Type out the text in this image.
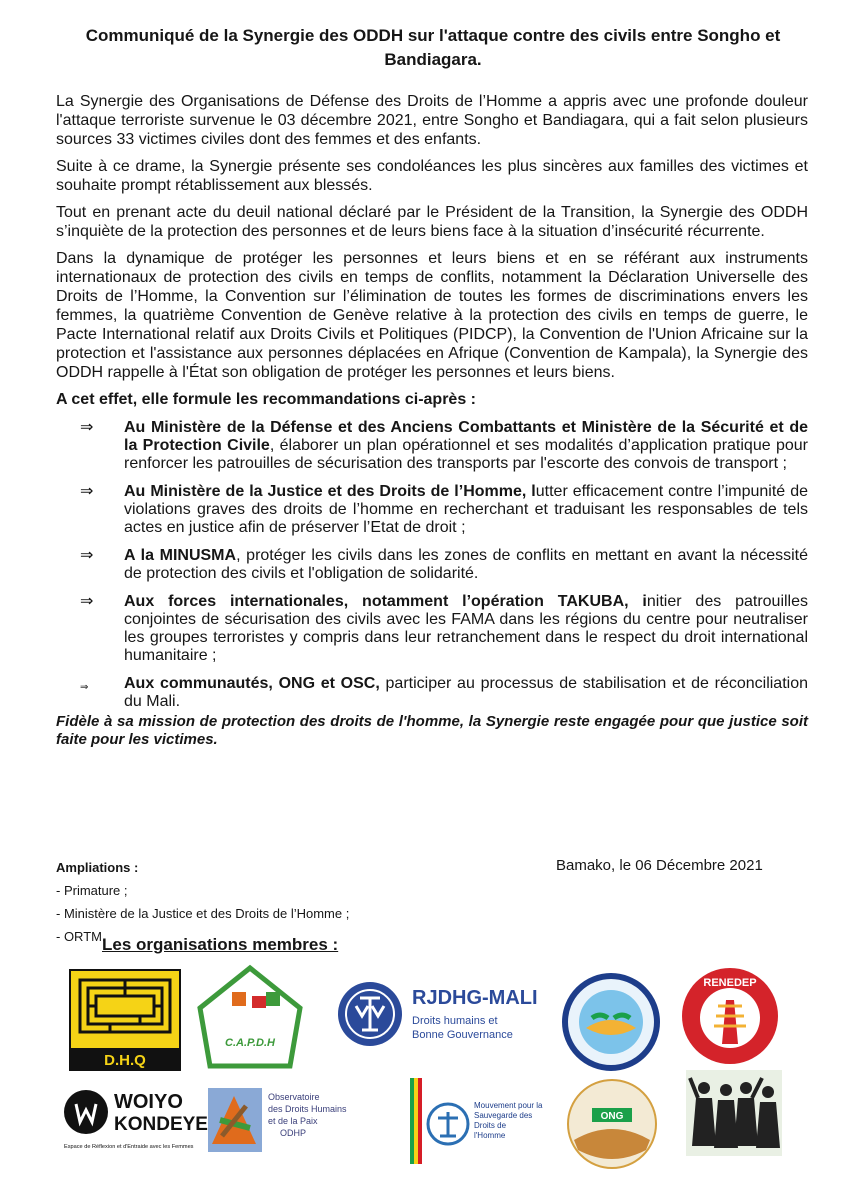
Communiqué de la Synergie des ODDH sur l'attaque contre des civils entre Songho et Bandiagara.

La Synergie des Organisations de Défense des Droits de l’Homme a appris avec une profonde douleur l'attaque terroriste survenue le 03 décembre 2021, entre Songho et Bandiagara, qui a fait selon plusieurs sources 33 victimes civiles dont des femmes et des enfants.

Suite à ce drame, la Synergie présente ses condoléances les plus sincères aux familles des victimes et souhaite prompt rétablissement aux blessés.

Tout en prenant acte du deuil national déclaré par le Président de la Transition, la Synergie des ODDH s’inquiète de la protection des personnes et de leurs biens face à la situation d’insécurité récurrente.

Dans la dynamique de protéger les personnes et leurs biens et en se référant aux instruments internationaux de protection des civils en temps de conflits, notamment la Déclaration Universelle des Droits de l’Homme, la Convention sur l’élimination de toutes les formes de discriminations envers les femmes, la quatrième Convention de Genève relative à la protection des civils en temps de guerre, le Pacte International relatif aux Droits Civils et Politiques (PIDCP), la Convention de l'Union Africaine sur la protection et l'assistance aux personnes déplacées en Afrique (Convention de Kampala), la Synergie des ODDH rappelle à l'État son obligation de protéger les personnes et leurs biens.

A cet effet, elle formule les recommandations ci-après :

⇒	Au Ministère de la Défense et des Anciens Combattants et Ministère de la Sécurité et de la Protection Civile, élaborer un plan opérationnel et ses modalités d’application pratique pour renforcer les patrouilles de sécurisation des transports par l'escorte des convois de transport ;
⇒	Au Ministère de la Justice et des Droits de l’Homme, lutter efficacement contre l’impunité de violations graves des droits de l’homme en recherchant et traduisant les responsables de tels actes en justice afin de préserver l’Etat de droit ;
⇒	A la MINUSMA, protéger les civils dans les zones de conflits en mettant en avant la nécessité de protection des civils et l'obligation de solidarité.
⇒	Aux forces internationales, notamment l’opération TAKUBA, initier des patrouilles conjointes de sécurisation des civils avec les FAMA dans les régions du centre pour neutraliser les groupes terroristes y compris dans leur retranchement dans le respect du droit international humanitaire ;
⇒	Aux communautés, ONG et OSC, participer au processus de stabilisation et de réconciliation du Mali.

Fidèle à sa mission de protection des droits de l'homme, la Synergie reste engagée pour que justice soit faite pour les victimes.

Ampliations :
- Primature ;
- Ministère de la Justice et des Droits de l’Homme ;
- ORTM.
Bamako, le 06 Décembre 2021
Les organisations membres :
D.H.Q
C.A.P.D.H
RJDHG-MALI
Droits humains et
Bonne Gouvernance
RENEDEP
WOIYO
KONDEYE
Espace de Réflexion et d'Entraide avec les Femmes
Observatoire
des Droits Humains
et de la Paix
ODHP
Mouvement pour la
Sauvegarde des
Droits de
l'Homme
ONG
